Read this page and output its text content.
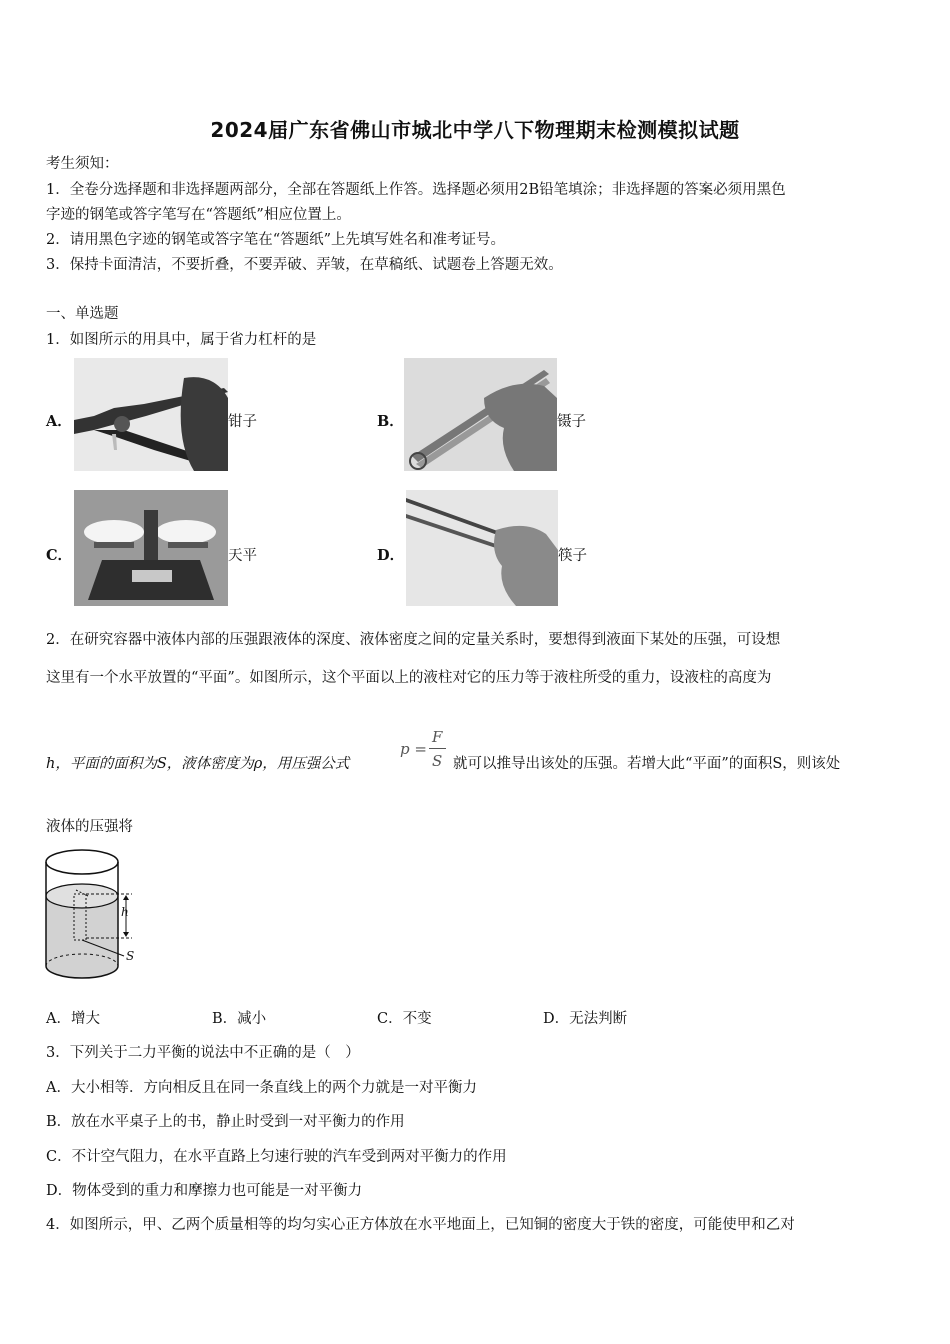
2024届广东省佛山市城北中学八下物理期末检测模拟试题
考生须知：
1．全卷分选择题和非选择题两部分，全部在答题纸上作答。选择题必须用2B铅笔填涂；非选择题的答案必须用黑色
字迹的钢笔或答字笔写在“答题纸”相应位置上。
2．请用黑色字迹的钢笔或答字笔在“答题纸”上先填写姓名和准考证号。
3．保持卡面清洁，不要折叠，不要弄破、弄皱，在草稿纸、试题卷上答题无效。
一、单选题
1．如图所示的用具中，属于省力杠杆的是
A．	钳子	B．	镊子
C．	天平	D．	筷子
2．在研究容器中液体内部的压强跟液体的深度、液体密度之间的定量关系时，要想得到液面下某处的压强，可设想
这里有一个水平放置的“平面”。如图所示，这个平面以上的液柱对它的压力等于液柱所受的重力，设液柱的高度为
h，平面的面积为S，液体密度为ρ，用压强公式
p =
F
S 就可以推导出该处的压强。若增大此“平面”的面积S，则该处
液体的压强将
h
S
A．增大	B．减小	C．不变	D．无法判断
3．下列关于二力平衡的说法中不正确的是（　）
A．大小相等．方向相反且在同一条直线上的两个力就是一对平衡力
B．放在水平桌子上的书，静止时受到一对平衡力的作用
C．不计空气阻力，在水平直路上匀速行驶的汽车受到两对平衡力的作用
D．物体受到的重力和摩擦力也可能是一对平衡力
4．如图所示，甲、乙两个质量相等的均匀实心正方体放在水平地面上，已知铜的密度大于铁的密度，可能使甲和乙对
